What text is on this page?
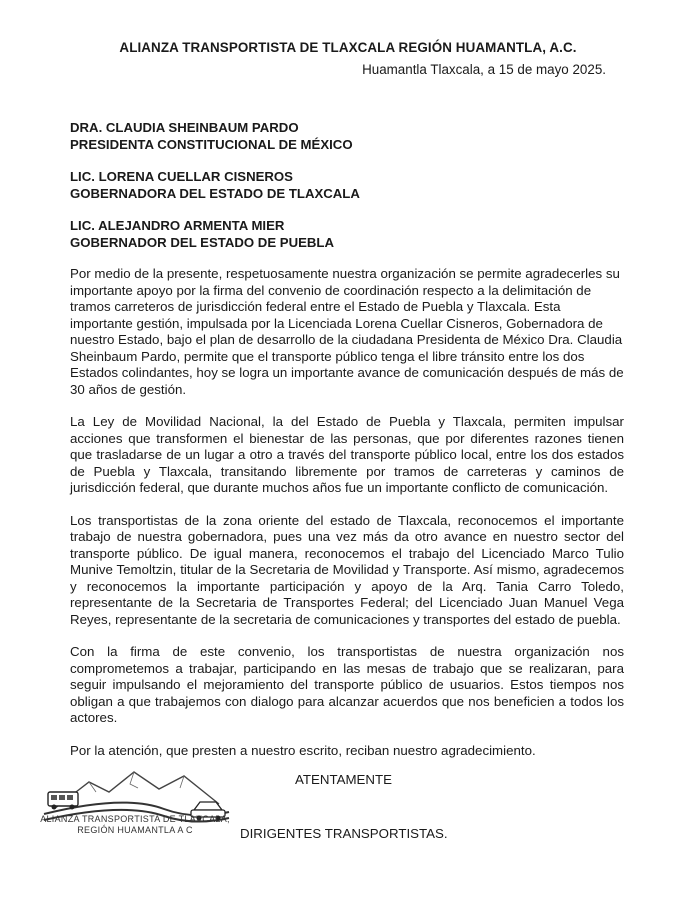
ALIANZA TRANSPORTISTA DE TLAXCALA REGIÓN HUAMANTLA, A.C.
Huamantla Tlaxcala, a 15 de mayo 2025.
DRA. CLAUDIA SHEINBAUM PARDO
PRESIDENTA CONSTITUCIONAL DE MÉXICO
LIC. LORENA CUELLAR CISNEROS
GOBERNADORA DEL ESTADO DE TLAXCALA
LIC. ALEJANDRO ARMENTA MIER
GOBERNADOR DEL ESTADO DE PUEBLA

Por medio de la presente, respetuosamente nuestra organización se permite agradecerles su importante apoyo por la firma del convenio de coordinación respecto a la delimitación de tramos carreteros de jurisdicción federal entre el Estado de Puebla y Tlaxcala. Esta importante gestión, impulsada por la Licenciada Lorena Cuellar Cisneros, Gobernadora de nuestro Estado, bajo el plan de desarrollo de la ciudadana Presidenta de México Dra. Claudia Sheinbaum Pardo, permite que el transporte público tenga el libre tránsito entre los dos Estados colindantes, hoy se logra un importante avance de comunicación después de más de 30 años de gestión.

La Ley de Movilidad Nacional, la del Estado de Puebla y Tlaxcala, permiten impulsar acciones que transformen el bienestar de las personas, que por diferentes razones tienen que trasladarse de un lugar a otro a través del transporte público local, entre los dos estados de Puebla y Tlaxcala, transitando libremente por tramos de carreteras y caminos de jurisdicción federal, que durante muchos años fue un importante conflicto de comunicación.

Los transportistas de la zona oriente del estado de Tlaxcala, reconocemos el importante trabajo de nuestra gobernadora, pues una vez más da otro avance en nuestro sector del transporte público. De igual manera, reconocemos el trabajo del Licenciado Marco Tulio Munive Temoltzin, titular de la Secretaria de Movilidad y Transporte. Así mismo, agradecemos y reconocemos la importante participación y apoyo de la Arq. Tania Carro Toledo, representante de la Secretaria de Transportes Federal; del Licenciado Juan Manuel Vega Reyes, representante de la secretaria de comunicaciones y transportes del estado de puebla.

Con la firma de este convenio, los transportistas de nuestra organización nos comprometemos a trabajar, participando en las mesas de trabajo que se realizaran, para seguir impulsando el mejoramiento del transporte público de usuarios. Estos tiempos nos obligan a que trabajemos con dialogo para alcanzar acuerdos que nos beneficien a todos los actores.

Por la atención, que presten a nuestro escrito, reciban nuestro agradecimiento.

ALIANZA TRANSPORTISTA DE TLAXCALA,
REGIÓN HUAMANTLA A C
ATENTAMENTE
DIRIGENTES TRANSPORTISTAS.
